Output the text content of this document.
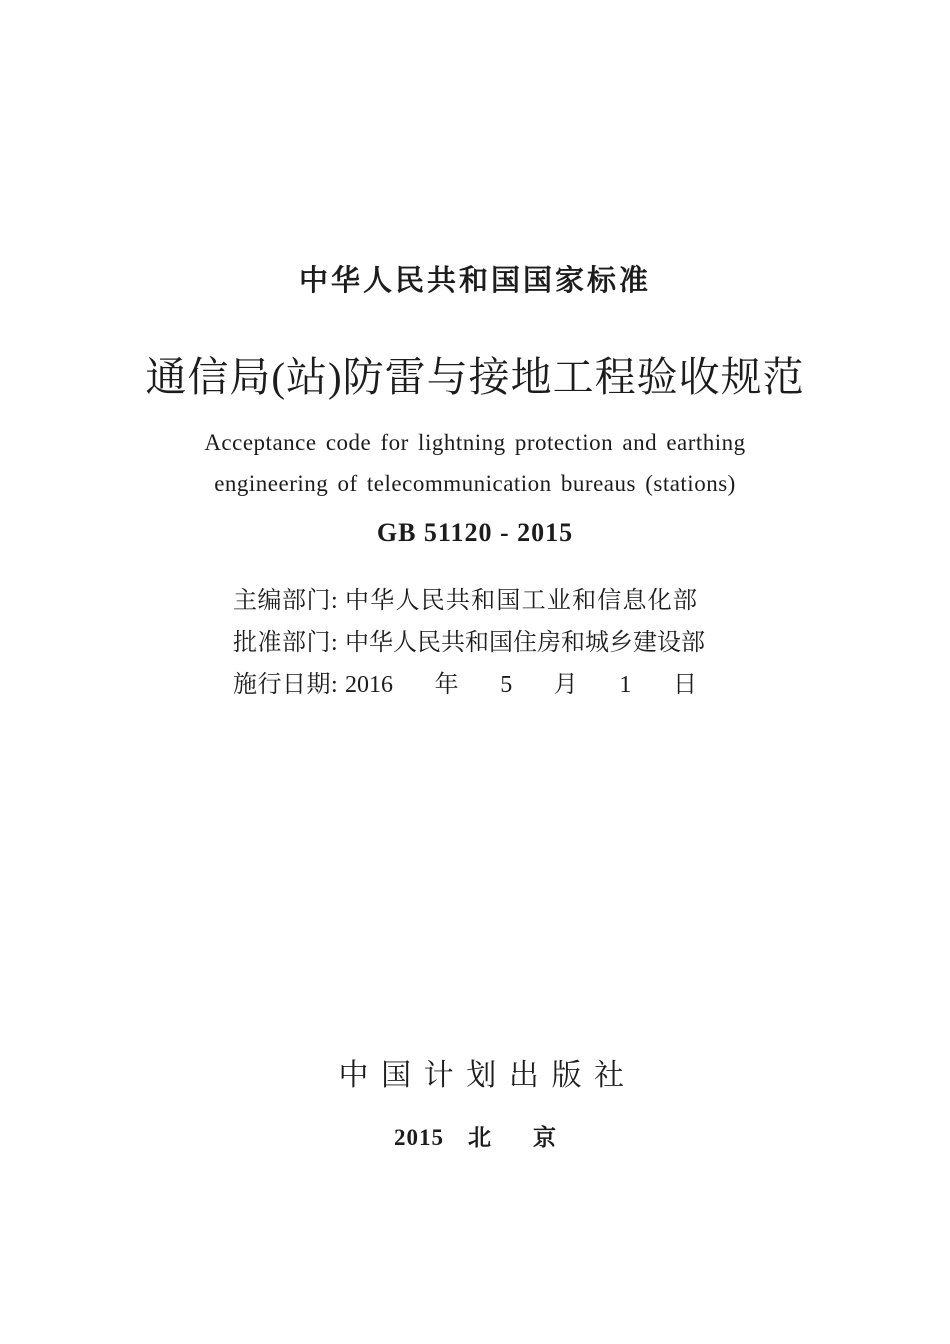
中华人民共和国国家标准
通信局(站)防雷与接地工程验收规范
Acceptance code for lightning protection and earthing
engineering of telecommunication bureaus (stations)
GB 51120 - 2015
主编部门: 中华人民共和国工业和信息化部
批准部门: 中华人民共和国住房和城乡建设部
施行日期: 2016年5月1日
中国计划出版社
2015 北京
